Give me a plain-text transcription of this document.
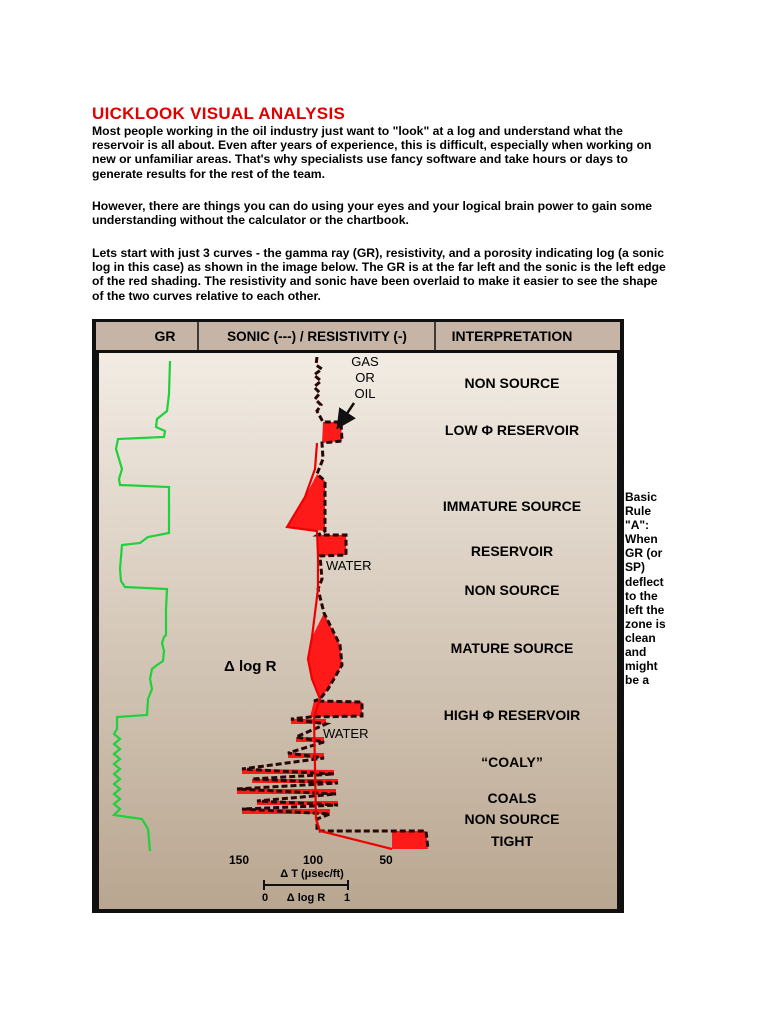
UICKLOOK VISUAL ANALYSIS
Most people working in the oil industry just want to "look" at a log and understand what the reservoir is all about. Even after years of experience, this is difficult, especially when working on new or unfamiliar areas. That's why specialists use fancy software and take hours or days to generate results for the rest of the team.
However, there are things you can do using your eyes and your logical brain power to gain some understanding without the calculator or the chartbook.
Lets start with just 3 curves - the gamma ray (GR), resistivity, and a porosity indicating log (a sonic log in this case) as shown in the image below. The GR is at the far left and the sonic is the left edge of the red shading. The resistivity and sonic have been overlaid to make it easier to see the shape of the two curves relative to each other.
GR	SONIC (---) / RESISTIVITY (-)	INTERPRETATION
GAS
OR
OIL
WATER
Δ log R
WATER
NON SOURCE
LOW Φ RESERVOIR
IMMATURE SOURCE
RESERVOIR
NON SOURCE
MATURE SOURCE
HIGH Φ RESERVOIR
“COALY”
COALS
NON SOURCE
TIGHT
150	100	50
Δ T (μsec/ft)
0 Δ log R 1
Basic Rule "A": When GR (or SP) deflect to the left the zone is clean and might be a
